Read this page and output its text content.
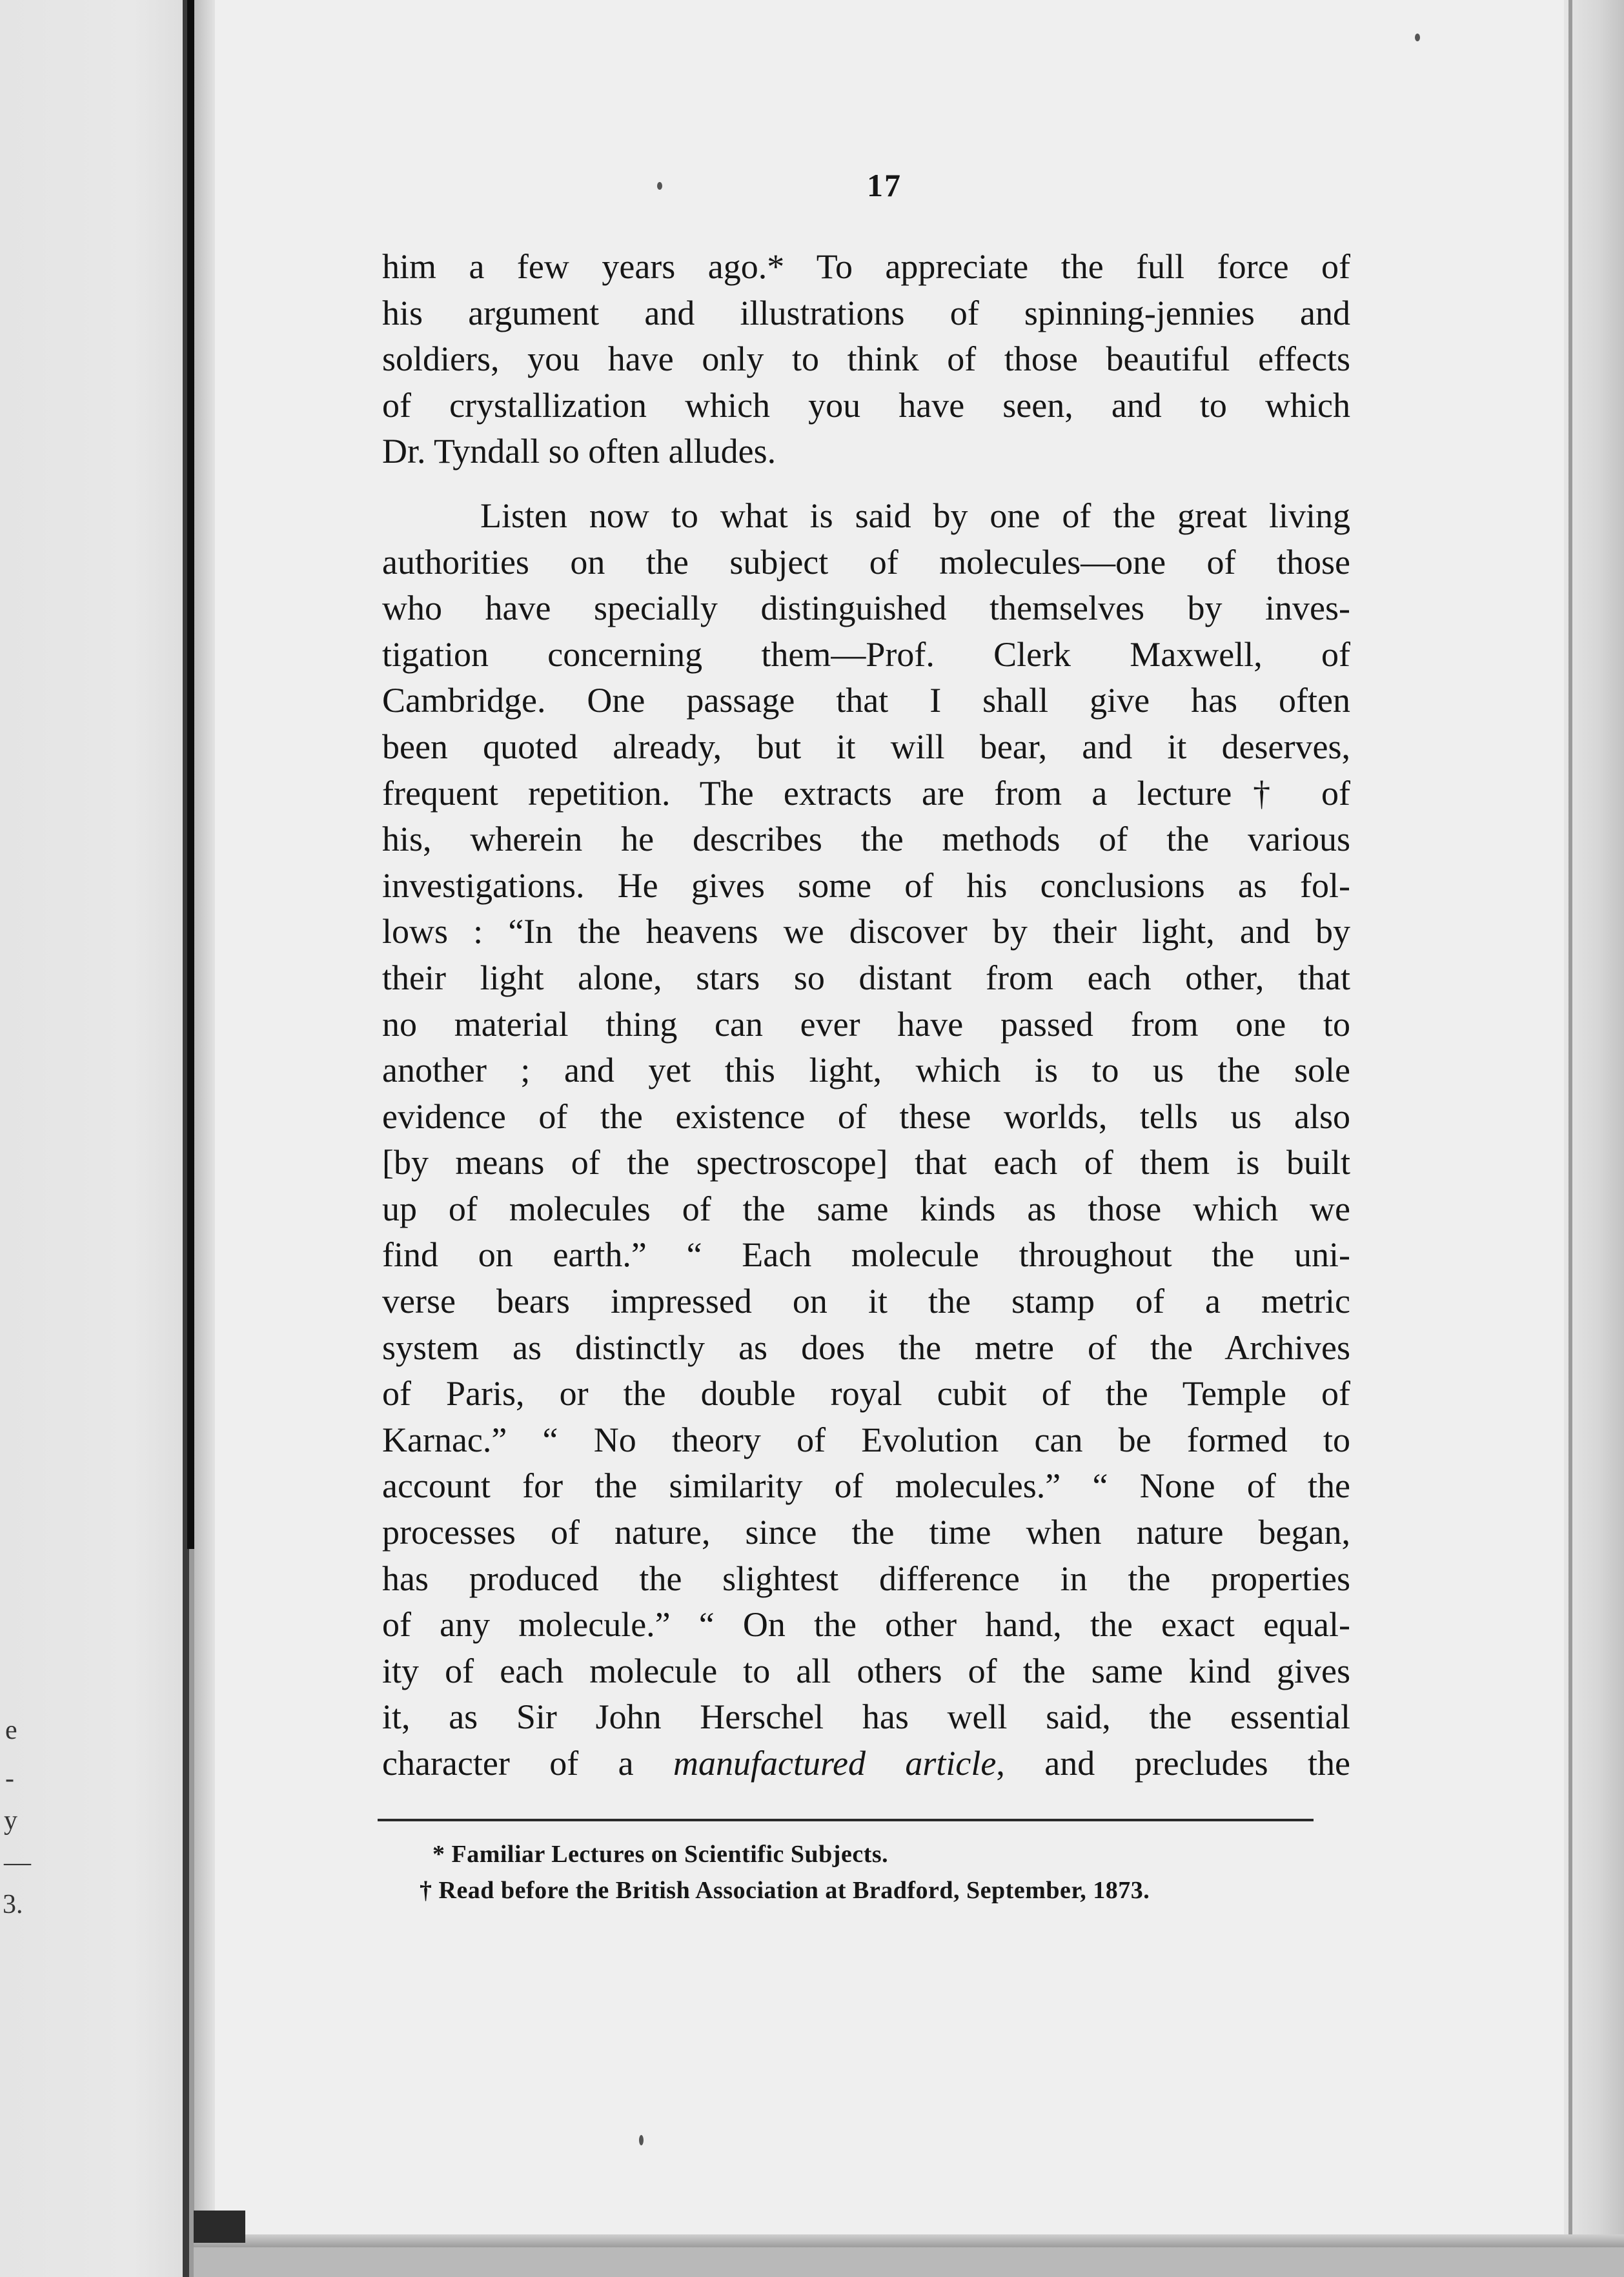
e
-
y
—
3.
17
him a few years ago.* To appreciate the full force of
his argument and illustrations of spinning-jennies and
soldiers, you have only to think of those beautiful effects
of crystallization which you have seen, and to which
Dr. Tyndall so often alludes.
Listen now to what is said by one of the great living
authorities on the subject of molecules—one of those
who have specially distinguished themselves by inves-
tigation concerning them—Prof. Clerk Maxwell, of
Cambridge. One passage that I shall give has often
been quoted already, but it will bear, and it deserves,
frequent repetition. The extracts are from a lecture† of
his, wherein he describes the methods of the various
investigations. He gives some of his conclusions as fol-
lows : “In the heavens we discover by their light, and by
their light alone, stars so distant from each other, that
no material thing can ever have passed from one to
another ; and yet this light, which is to us the sole
evidence of the existence of these worlds, tells us also
[by means of the spectroscope] that each of them is built
up of molecules of the same kinds as those which we
find on earth.” “ Each molecule throughout the uni-
verse bears impressed on it the stamp of a metric
system as distinctly as does the metre of the Archives
of Paris, or the double royal cubit of the Temple of
Karnac.” “ No theory of Evolution can be formed to
account for the similarity of molecules.” “ None of the
processes of nature, since the time when nature began,
has produced the slightest difference in the properties
of any molecule.” “ On the other hand, the exact equal-
ity of each molecule to all others of the same kind gives
it, as Sir John Herschel has well said, the essential
character of a manufactured article, and precludes the
* Familiar Lectures on Scientific Subjects.
† Read before the British Association at Bradford, September, 1873.
